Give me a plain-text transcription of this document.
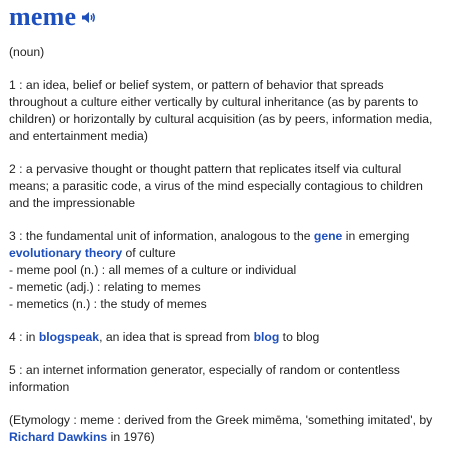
meme
(noun)

1 : an idea, belief or belief system, or pattern of behavior that spreads throughout a culture either vertically by cultural inheritance (as by parents to children) or horizontally by cultural acquisition (as by peers, information media, and entertainment media)

2 : a pervasive thought or thought pattern that replicates itself via cultural means; a parasitic code, a virus of the mind especially contagious to children and the impressionable

3 : the fundamental unit of information, analogous to the gene in emerging evolutionary theory of culture

- meme pool (n.) : all memes of a culture or individual

- memetic (adj.) : relating to memes

- memetics (n.) : the study of memes

4 : in blogspeak, an idea that is spread from blog to blog

5 : an internet information generator, especially of random or contentless information

(Etymology : meme : derived from the Greek mimēma, 'something imitated', by Richard Dawkins in 1976)
